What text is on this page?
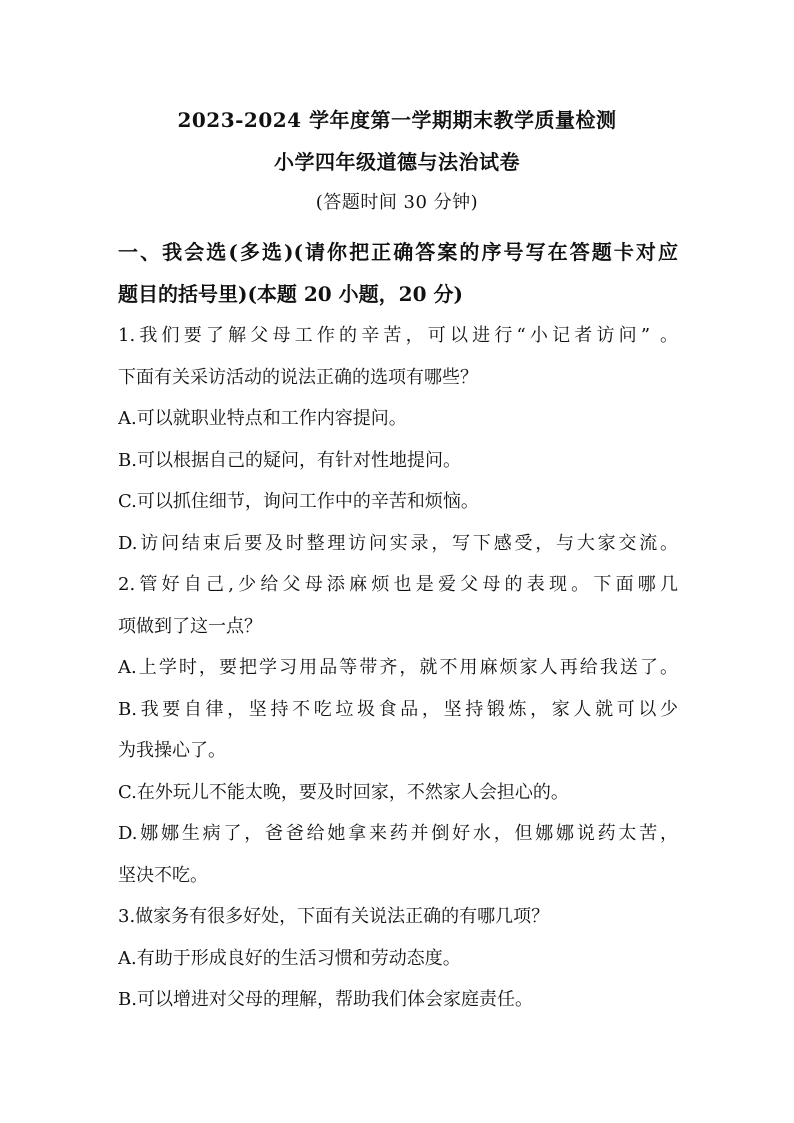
2023-2024 学年度第一学期期末教学质量检测
小学四年级道德与法治试卷
(答题时间 30 分钟)
一、我会选(多选)(请你把正确答案的序号写在答题卡对应
题目的括号里)(本题 20 小题，20 分)
1.我们要了解父母工作的辛苦，可以进行“小记者访问” 。
下面有关采访活动的说法正确的选项有哪些？
A.可以就职业特点和工作内容提问。
B.可以根据自己的疑问，有针对性地提问。
C.可以抓住细节，询问工作中的辛苦和烦恼。
D.访问结束后要及时整理访问实录，写下感受，与大家交流。
2.管好自己,少给父母添麻烦也是爱父母的表现。下面哪几
项做到了这一点？
A.上学时，要把学习用品等带齐，就不用麻烦家人再给我送了。
B.我要自律，坚持不吃垃圾食品，坚持锻炼，家人就可以少
为我操心了。
C.在外玩儿不能太晚，要及时回家，不然家人会担心的。
D.娜娜生病了，爸爸给她拿来药并倒好水，但娜娜说药太苦，
坚决不吃。
3.做家务有很多好处，下面有关说法正确的有哪几项？
A.有助于形成良好的生活习惯和劳动态度。
B.可以增进对父母的理解，帮助我们体会家庭责任。
